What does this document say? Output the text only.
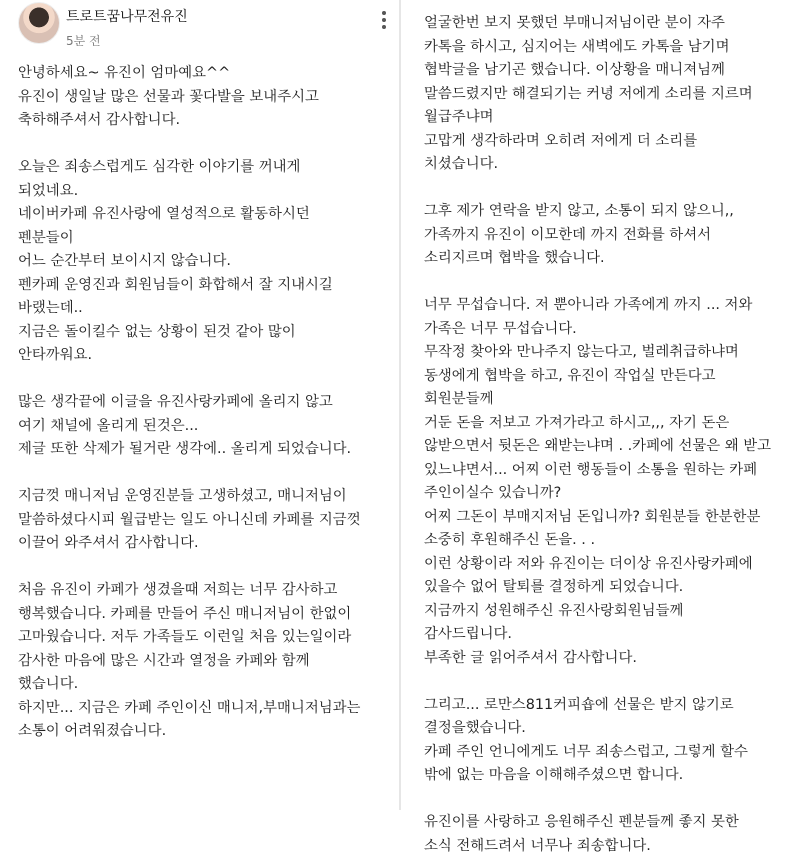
트로트꿈나무전유진
5분 전
안녕하세요~ 유진이 엄마예요^^
유진이 생일날 많은 선물과 꽃다발을 보내주시고
축하해주셔서 감사합니다.
오늘은 죄송스럽게도 심각한 이야기를 꺼내게
되었네요.
네이버카페 유진사랑에 열성적으로 활동하시던
펜분들이
어느 순간부터 보이시지 않습니다.
펜카페 운영진과 회원님들이 화합해서 잘 지내시길
바랬는데..
지금은 돌이킬수 없는 상황이 된것 같아 많이
안타까워요.
많은 생각끝에 이글을 유진사랑카페에 올리지 않고
여기 채널에 올리게 된것은...
제글 또한 삭제가 될거란 생각에.. 올리게 되었습니다.
지금껏 매니저님 운영진분들 고생하셨고, 매니저님이
말씀하셨다시피 월급받는 일도 아니신데 카페를 지금껏
이끌어 와주셔서 감사합니다.
처음 유진이 카페가 생겼을때 저희는 너무 감사하고
행복했습니다. 카페를 만들어 주신 매니저님이 한없이
고마웠습니다. 저두 가족들도 이런일 처음 있는일이라
감사한 마음에 많은 시간과 열정을 카페와 함께
했습니다.
하지만... 지금은 카페 주인이신 매니저,부매니저님과는
소통이 어려워졌습니다.
얼굴한번 보지 못했던 부매니저님이란 분이 자주
카톡을 하시고, 심지어는 새벽에도 카톡을 남기며
협박글을 남기곤 했습니다. 이상황을 매니져님께
말씀드렸지만 해결되기는 커녕 저에게 소리를 지르며
월급주냐며
고맙게 생각하라며 오히려 저에게 더 소리를
치셨습니다.
그후 제가 연락을 받지 않고, 소통이 되지 않으니,,
가족까지 유진이 이모한데 까지 전화를 하셔서
소리지르며 협박을 했습니다.
너무 무섭습니다. 저 뿐아니라 가족에게 까지 ... 저와
가족은 너무 무섭습니다.
무작정 찾아와 만나주지 않는다고, 벌레취급하냐며
동생에게 협박을 하고, 유진이 작업실 만든다고
회원분들께
거둔 돈을 저보고 가져가라고 하시고,,, 자기 돈은
않받으면서 뒷돈은 왜받는냐며 . .카페에 선물은 왜 받고
있느냐면서... 어찌 이런 행동들이 소통을 원하는 카페
주인이실수 있습니까?
어찌 그돈이 부매지저님 돈입니까? 회원분들 한분한분
소중히 후원해주신 돈을. . .
이런 상황이라 저와 유진이는 더이상 유진사랑카페에
있을수 없어 탈퇴를 결정하게 되었습니다.
지금까지 성원해주신 유진사랑회원님들께
감사드립니다.
부족한 글 읽어주셔서 감사합니다.
그리고... 로만스811커피숍에 선물은 받지 않기로
결정을했습니다.
카페 주인 언니에게도 너무 죄송스럽고, 그렇게 할수
밖에 없는 마음을 이해해주셨으면 합니다.
유진이를 사랑하고 응원해주신 펜분들께 좋지 못한
소식 전해드려서 너무나 죄송합니다.
